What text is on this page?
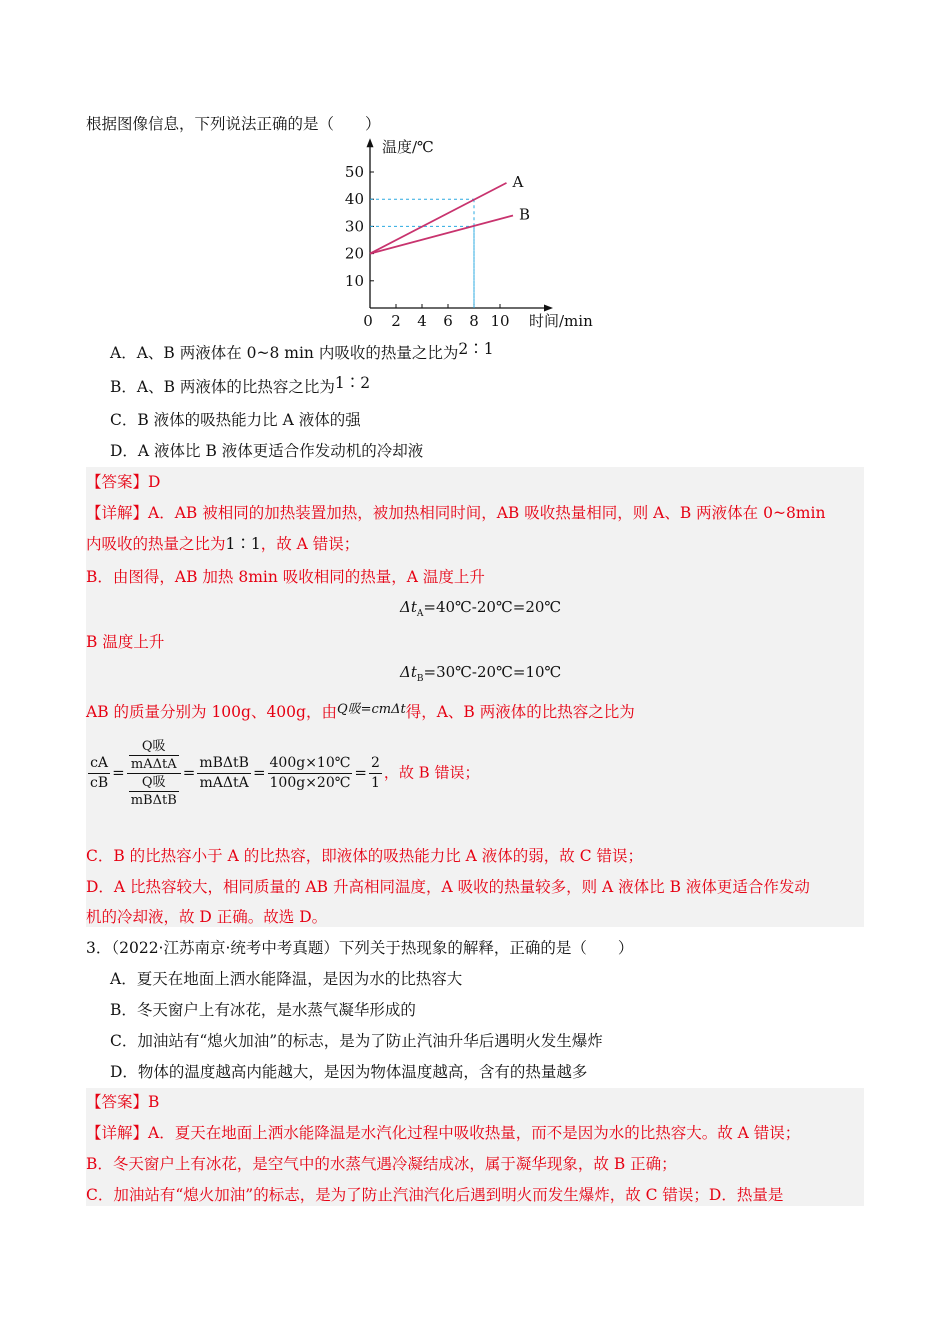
根据图像信息，下列说法正确的是（　　）
0 2 4 6 8 10
10
20
30
40
50
温度/℃
时间/min
A
B
A．A、B 两液体在 0~8 min 内吸收的热量之比为2∶1
B．A、B 两液体的比热容之比为1∶2
C．B 液体的吸热能力比 A 液体的强
D．A 液体比 B 液体更适合作发动机的冷却液
【答案】D
【详解】A．AB 被相同的加热装置加热，被加热相同时间，AB 吸收热量相同，则 A、B 两液体在 0~8min
内吸收的热量之比为1∶1，故 A 错误；
B．由图得，AB 加热 8min 吸收相同的热量，A 温度上升
$\Delta t_A=40℃-20℃=20℃$
B 温度上升
$\Delta t_B=30℃-20℃=10℃$
AB 的质量分别为 100g、400g，由$^{Q吸=cm\Delta t}$得，A、B 两液体的比热容之比为
$\frac{cA}{cB} = \frac{\frac{\text{Q吸}}{\text{mAΔtA}}}{\frac{\text{Q吸}}{\text{mBΔtB}}} = \frac{\text{mBΔtB}}{\text{mAΔtA}} = \frac{400g\times 10℃}{100g\times 20℃} = \frac{2}{1}$ ，故 B 错误；
C．B 的比热容小于 A 的比热容，即液体的吸热能力比 A 液体的弱，故 C 错误；
D．A 比热容较大，相同质量的 AB 升高相同温度，A 吸收的热量较多，则 A 液体比 B 液体更适合作发动
机的冷却液，故 D 正确。故选 D。
3．（2022·江苏南京·统考中考真题）下列关于热现象的解释，正确的是（　　）
A．夏天在地面上洒水能降温，是因为水的比热容大
B．冬天窗户上有冰花，是水蒸气凝华形成的
C．加油站有“熄火加油”的标志，是为了防止汽油升华后遇明火发生爆炸
D．物体的温度越高内能越大，是因为物体温度越高，含有的热量越多
【答案】B
【详解】A．夏天在地面上洒水能降温是水汽化过程中吸收热量，而不是因为水的比热容大。故 A 错误；
B．冬天窗户上有冰花，是空气中的水蒸气遇冷凝结成冰，属于凝华现象，故 B 正确；
C．加油站有“熄火加油”的标志，是为了防止汽油汽化后遇到明火而发生爆炸，故 C 错误；D．热量是
